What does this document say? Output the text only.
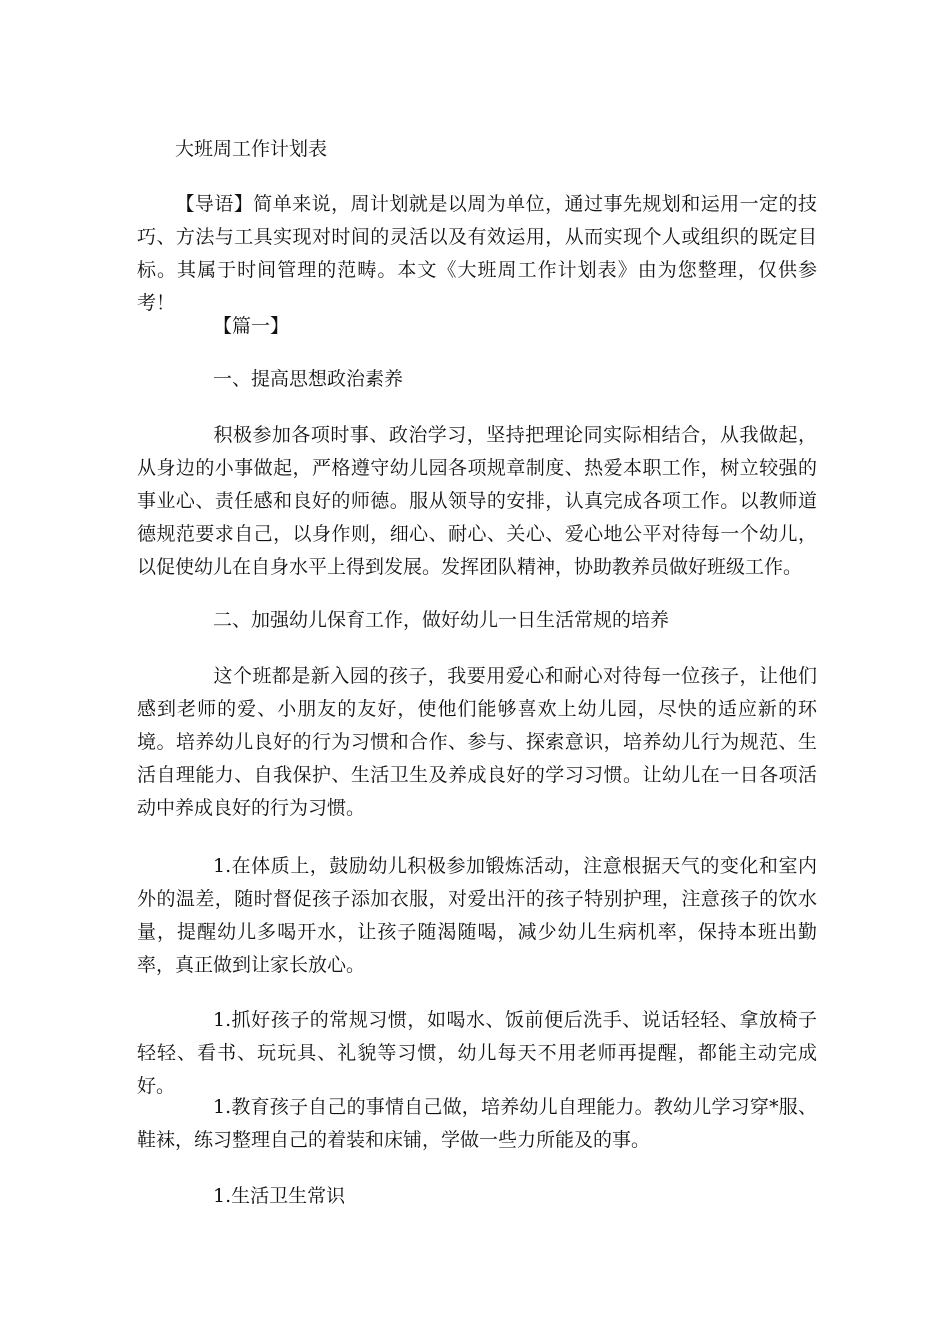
大班周工作计划表

【导语】简单来说，周计划就是以周为单位，通过事先规划和运用一定的技巧、方法与工具实现对时间的灵活以及有效运用，从而实现个人或组织的既定目标。其属于时间管理的范畴。本文《大班周工作计划表》由为您整理，仅供参考！

【篇一】
一、提高思想政治素养

积极参加各项时事、政治学习，坚持把理论同实际相结合，从我做起，从身边的小事做起，严格遵守幼儿园各项规章制度、热爱本职工作，树立较强的事业心、责任感和良好的师德。服从领导的安排，认真完成各项工作。以教师道德规范要求自己，以身作则，细心、耐心、关心、爱心地公平对待每一个幼儿，以促使幼儿在自身水平上得到发展。发挥团队精神，协助教养员做好班级工作。

二、加强幼儿保育工作，做好幼儿一日生活常规的培养

这个班都是新入园的孩子，我要用爱心和耐心对待每一位孩子，让他们感到老师的爱、小朋友的友好，使他们能够喜欢上幼儿园，尽快的适应新的环境。培养幼儿良好的行为习惯和合作、参与、探索意识，培养幼儿行为规范、生活自理能力、自我保护、生活卫生及养成良好的学习习惯。让幼儿在一日各项活动中养成良好的行为习惯。

1.在体质上，鼓励幼儿积极参加锻炼活动，注意根据天气的变化和室内外的温差，随时督促孩子添加衣服，对爱出汗的孩子特别护理，注意孩子的饮水量，提醒幼儿多喝开水，让孩子随渴随喝，减少幼儿生病机率，保持本班出勤率，真正做到让家长放心。

1.抓好孩子的常规习惯，如喝水、饭前便后洗手、说话轻轻、拿放椅子轻轻、看书、玩玩具、礼貌等习惯，幼儿每天不用老师再提醒，都能主动完成好。

1.教育孩子自己的事情自己做，培养幼儿自理能力。教幼儿学习穿*服、鞋袜，练习整理自己的着装和床铺，学做一些力所能及的事。

1.生活卫生常识
